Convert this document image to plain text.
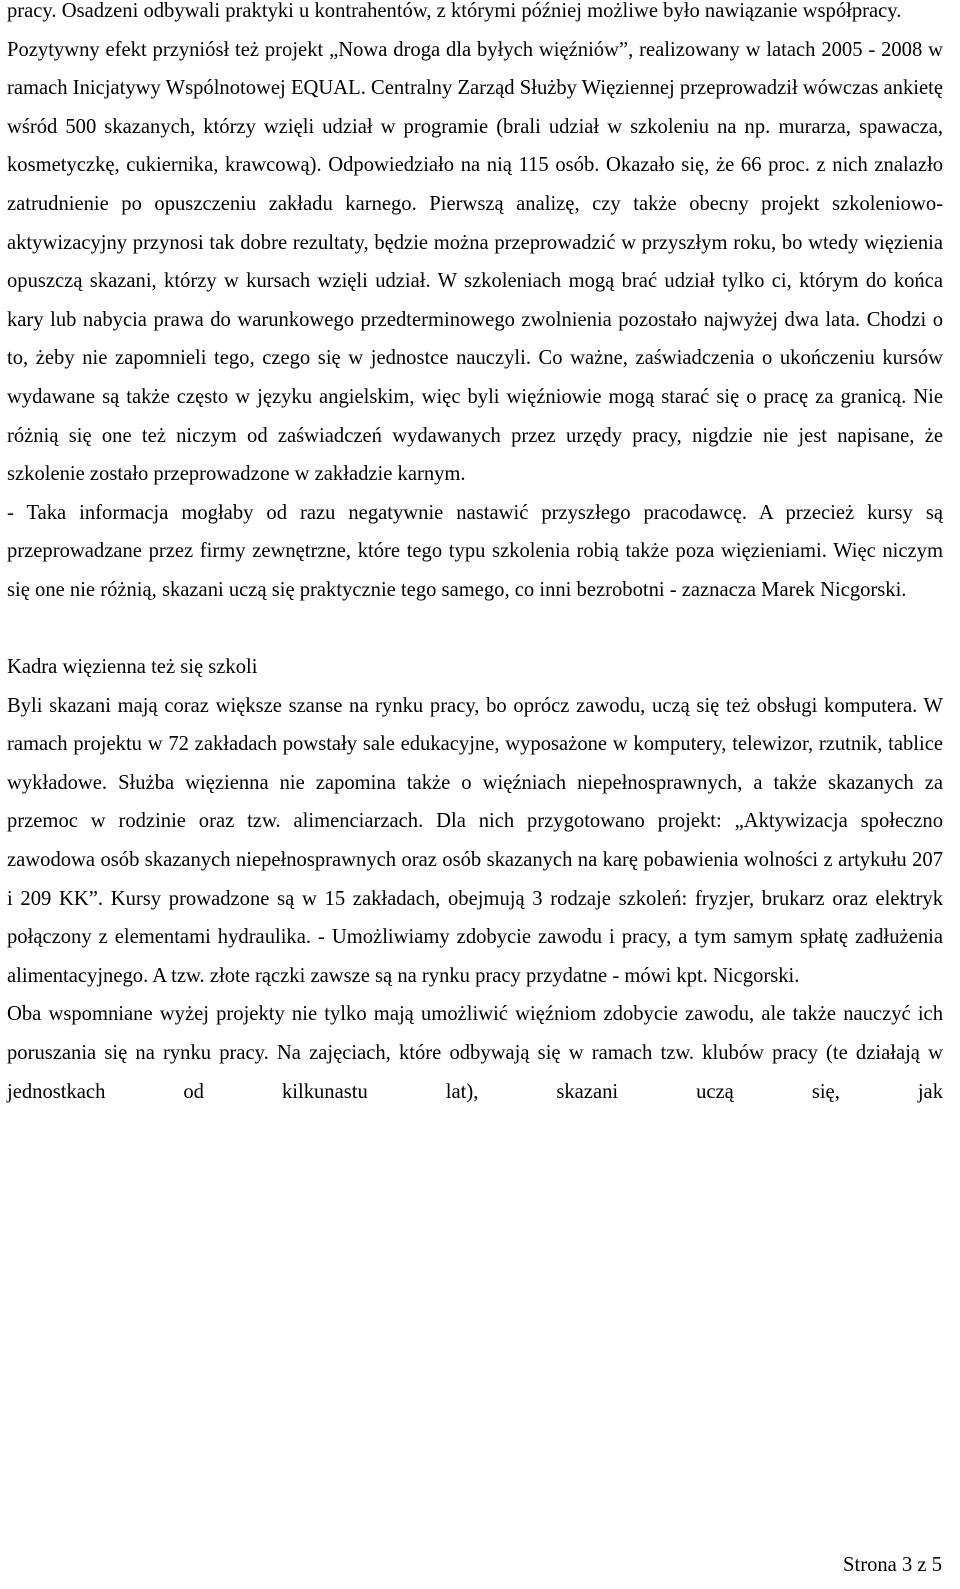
pracy. Osadzeni odbywali praktyki u kontrahentów, z którymi później możliwe było nawiązanie współpracy.

Pozytywny efekt przyniósł też projekt „Nowa droga dla byłych więźniów”, realizowany w latach 2005 - 2008 w ramach Inicjatywy Wspólnotowej EQUAL. Centralny Zarząd Służby Więziennej przeprowadził wówczas ankietę wśród 500 skazanych, którzy wzięli udział w programie (brali udział w szkoleniu na np. murarza, spawacza, kosmetyczkę, cukiernika, krawcową). Odpowiedziało na nią 115 osób. Okazało się, że 66 proc. z nich znalazło zatrudnienie po opuszczeniu zakładu karnego. Pierwszą analizę, czy także obecny projekt szkoleniowo-aktywizacyjny przynosi tak dobre rezultaty, będzie można przeprowadzić w przyszłym roku, bo wtedy więzienia opuszczą skazani, którzy w kursach wzięli udział. W szkoleniach mogą brać udział tylko ci, którym do końca kary lub nabycia prawa do warunkowego przedterminowego zwolnienia pozostało najwyżej dwa lata. Chodzi o to, żeby nie zapomnieli tego, czego się w jednostce nauczyli. Co ważne, zaświadczenia o ukończeniu kursów wydawane są także często w języku angielskim, więc byli więźniowie mogą starać się o pracę za granicą. Nie różnią się one też niczym od zaświadczeń wydawanych przez urzędy pracy, nigdzie nie jest napisane, że szkolenie zostało przeprowadzone w zakładzie karnym.

- Taka informacja mogłaby od razu negatywnie nastawić przyszłego pracodawcę. A przecież kursy są przeprowadzane przez firmy zewnętrzne, które tego typu szkolenia robią także poza więzieniami. Więc niczym się one nie różnią, skazani uczą się praktycznie tego samego, co inni bezrobotni - zaznacza Marek Nicgorski.

Kadra więzienna też się szkoli

Byli skazani mają coraz większe szanse na rynku pracy, bo oprócz zawodu, uczą się też obsługi komputera. W ramach projektu w 72 zakładach powstały sale edukacyjne, wyposażone w komputery, telewizor, rzutnik, tablice wykładowe. Służba więzienna nie zapomina także o więźniach niepełnosprawnych, a także skazanych za przemoc w rodzinie oraz tzw. alimenciarzach. Dla nich przygotowano projekt: „Aktywizacja społeczno zawodowa osób skazanych niepełnosprawnych oraz osób skazanych na karę pobawienia wolności z artykułu 207 i 209 KK”. Kursy prowadzone są w 15 zakładach, obejmują 3 rodzaje szkoleń: fryzjer, brukarz oraz elektryk połączony z elementami hydraulika. - Umożliwiamy zdobycie zawodu i pracy, a tym samym spłatę zadłużenia alimentacyjnego. A tzw. złote rączki zawsze są na rynku pracy przydatne - mówi kpt. Nicgorski.

Oba wspomniane wyżej projekty nie tylko mają umożliwić więźniom zdobycie zawodu, ale także nauczyć ich poruszania się na rynku pracy. Na zajęciach, które odbywają się w ramach tzw. klubów pracy (te działają w jednostkach od kilkunastu lat), skazani uczą się, jak

Strona 3 z 5
